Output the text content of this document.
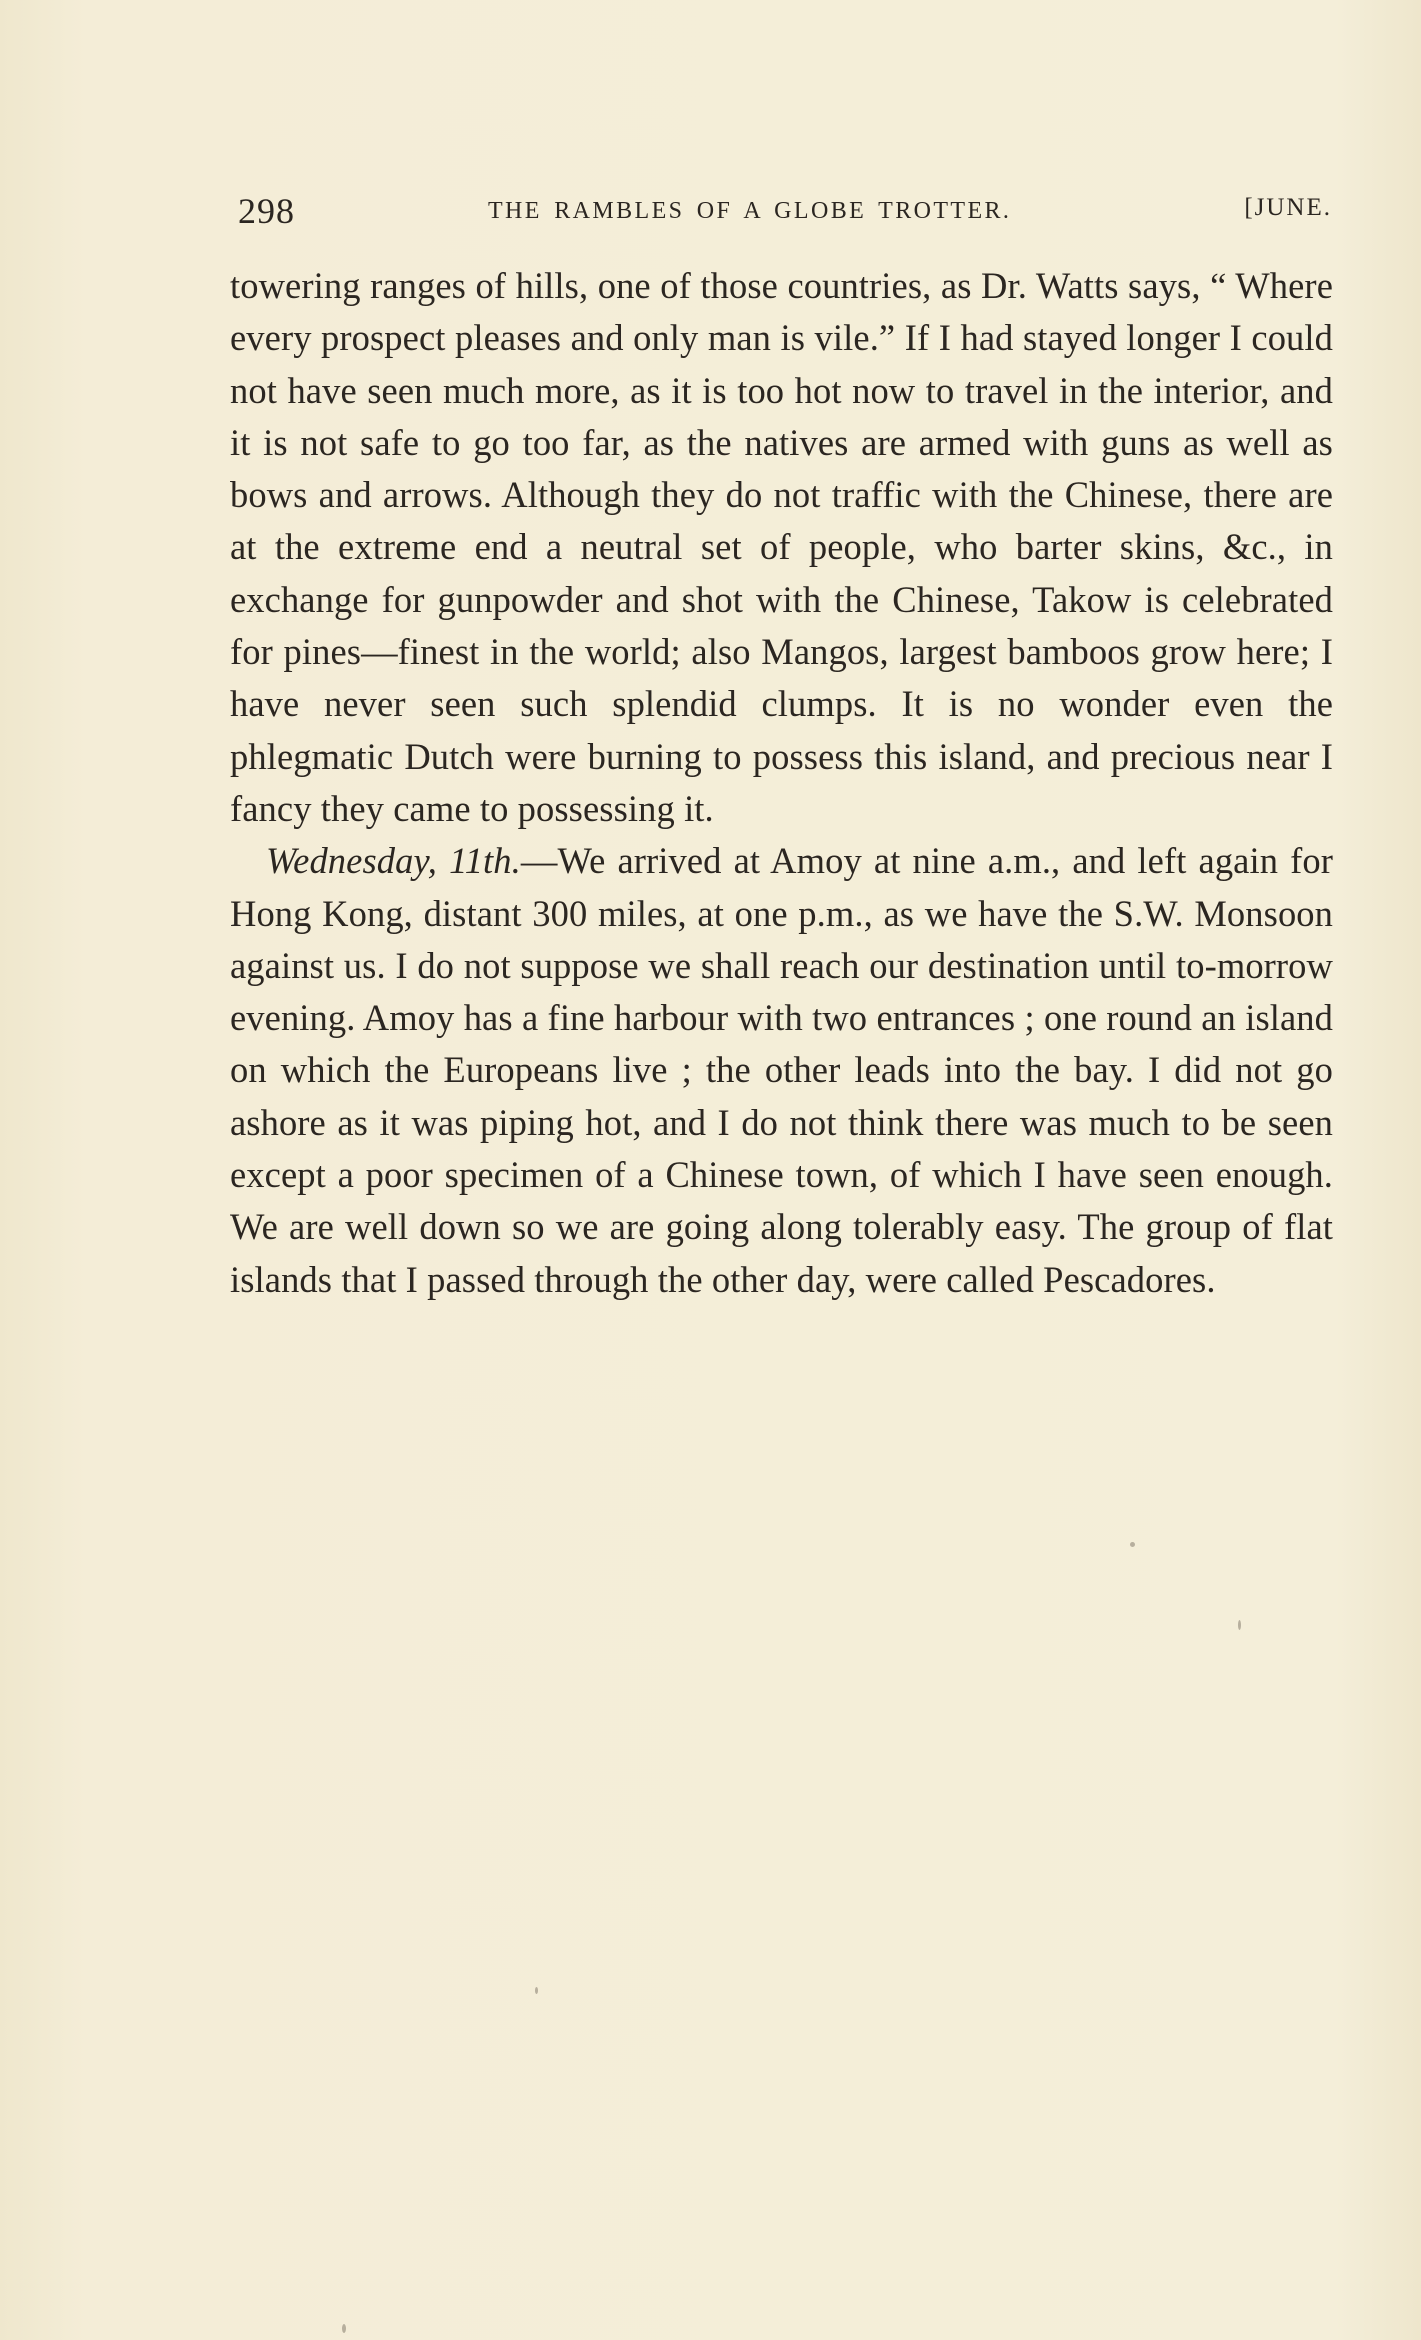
298	THE RAMBLES OF A GLOBE TROTTER.	[JUNE.

towering ranges of hills, one of those countries, as Dr. Watts says, “ Where every prospect pleases and only man is vile.” If I had stayed longer I could not have seen much more, as it is too hot now to travel in the interior, and it is not safe to go too far, as the natives are armed with guns as well as bows and arrows. Although they do not traffic with the Chinese, there are at the extreme end a neutral set of people, who barter skins, &c., in exchange for gunpowder and shot with the Chinese, Takow is celebrated for pines—finest in the world; also Mangos, largest bamboos grow here; I have never seen such splendid clumps. It is no wonder even the phlegmatic Dutch were burning to possess this island, and precious near I fancy they came to possessing it.

Wednesday, 11th.—We arrived at Amoy at nine a.m., and left again for Hong Kong, distant 300 miles, at one p.m., as we have the S.W. Monsoon against us. I do not suppose we shall reach our destination until to-morrow evening. Amoy has a fine harbour with two entrances ; one round an island on which the Europeans live ; the other leads into the bay. I did not go ashore as it was piping hot, and I do not think there was much to be seen except a poor specimen of a Chinese town, of which I have seen enough. We are well down so we are going along tolerably easy. The group of flat islands that I passed through the other day, were called Pescadores.
